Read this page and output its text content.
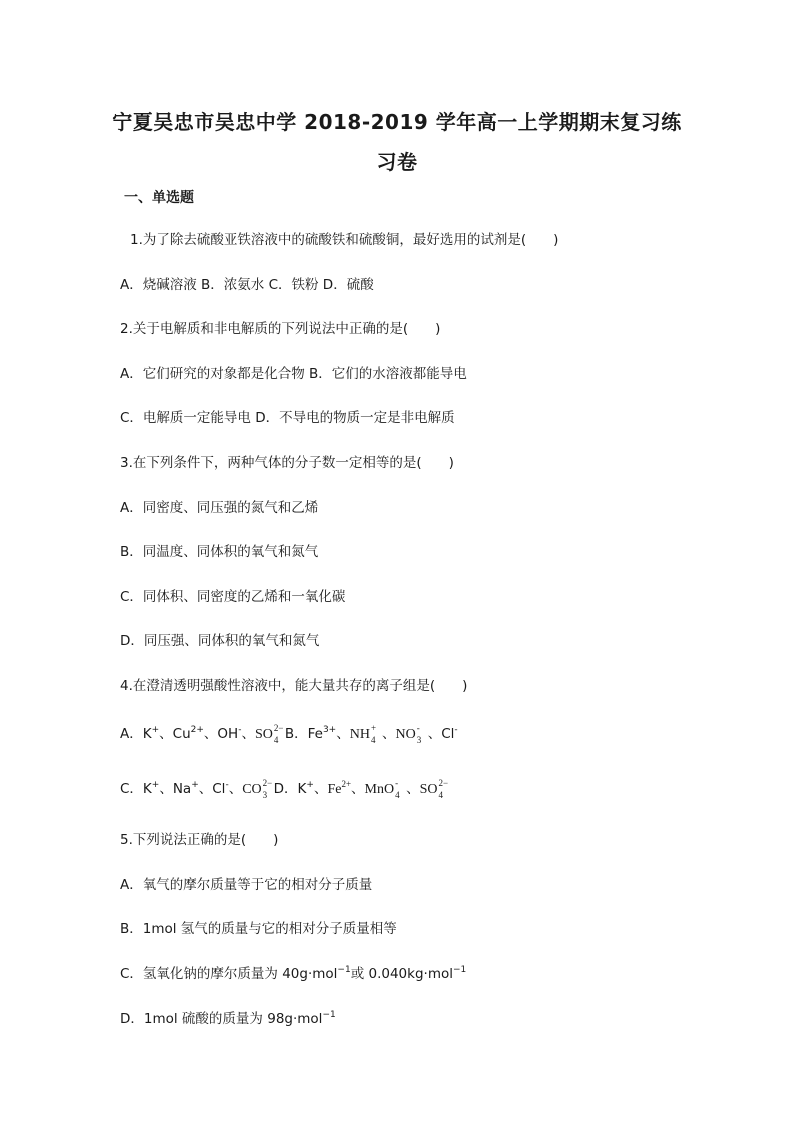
宁夏吴忠市吴忠中学 2018-2019 学年高一上学期期末复习练
习卷
一、单选题
1.为了除去硫酸亚铁溶液中的硫酸铁和硫酸铜，最好选用的试剂是(　　)
A．烧碱溶液 B．浓氨水 C．铁粉 D．硫酸
2.关于电解质和非电解质的下列说法中正确的是(　　)
A．它们研究的对象都是化合物 B．它们的水溶液都能导电
C．电解质一定能导电 D．不导电的物质一定是非电解质
3.在下列条件下，两种气体的分子数一定相等的是(　　)
A．同密度、同压强的氮气和乙烯
B．同温度、同体积的氧气和氮气
C．同体积、同密度的乙烯和一氧化碳
D．同压强、同体积的氧气和氮气
4.在澄清透明强酸性溶液中，能大量共存的离子组是(　　)
A．K+、$Cu^{2+}$、OH-、SO 2−
4 B．$Fe^{3+}$、NH +
4 、NO -
3 、Cl-
C．K+、Na+、Cl-、CO 2−
3 D．K+、$Fe^{2+}$、MnO -
4 、SO 2−
4
5.下列说法正确的是(　　)
A．氧气的摩尔质量等于它的相对分子质量
B．1mol 氢气的质量与它的相对分子质量相等
C．氢氧化钠的摩尔质量为 40g·mol$^{-1}$或 0.040kg·mol$^{-1}$
D．1mol 硫酸的质量为 98g·mol$^{-1}$
